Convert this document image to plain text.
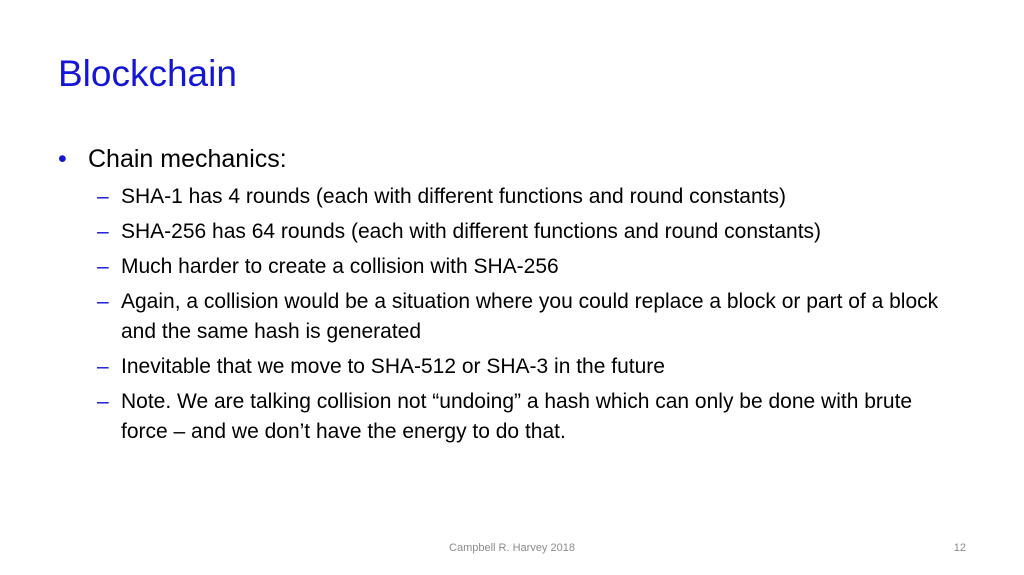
Blockchain
• Chain mechanics:
– SHA-1 has 4 rounds (each with different functions and round constants)
– SHA-256 has 64 rounds (each with different functions and round constants)
– Much harder to create a collision with SHA-256
– Again, a collision would be a situation where you could replace a block or part of a block and the same hash is generated
– Inevitable that we move to SHA-512 or SHA-3 in the future
– Note. We are talking collision not “undoing” a hash which can only be done with brute force – and we don’t have the energy to do that.
Campbell R. Harvey 2018	12
